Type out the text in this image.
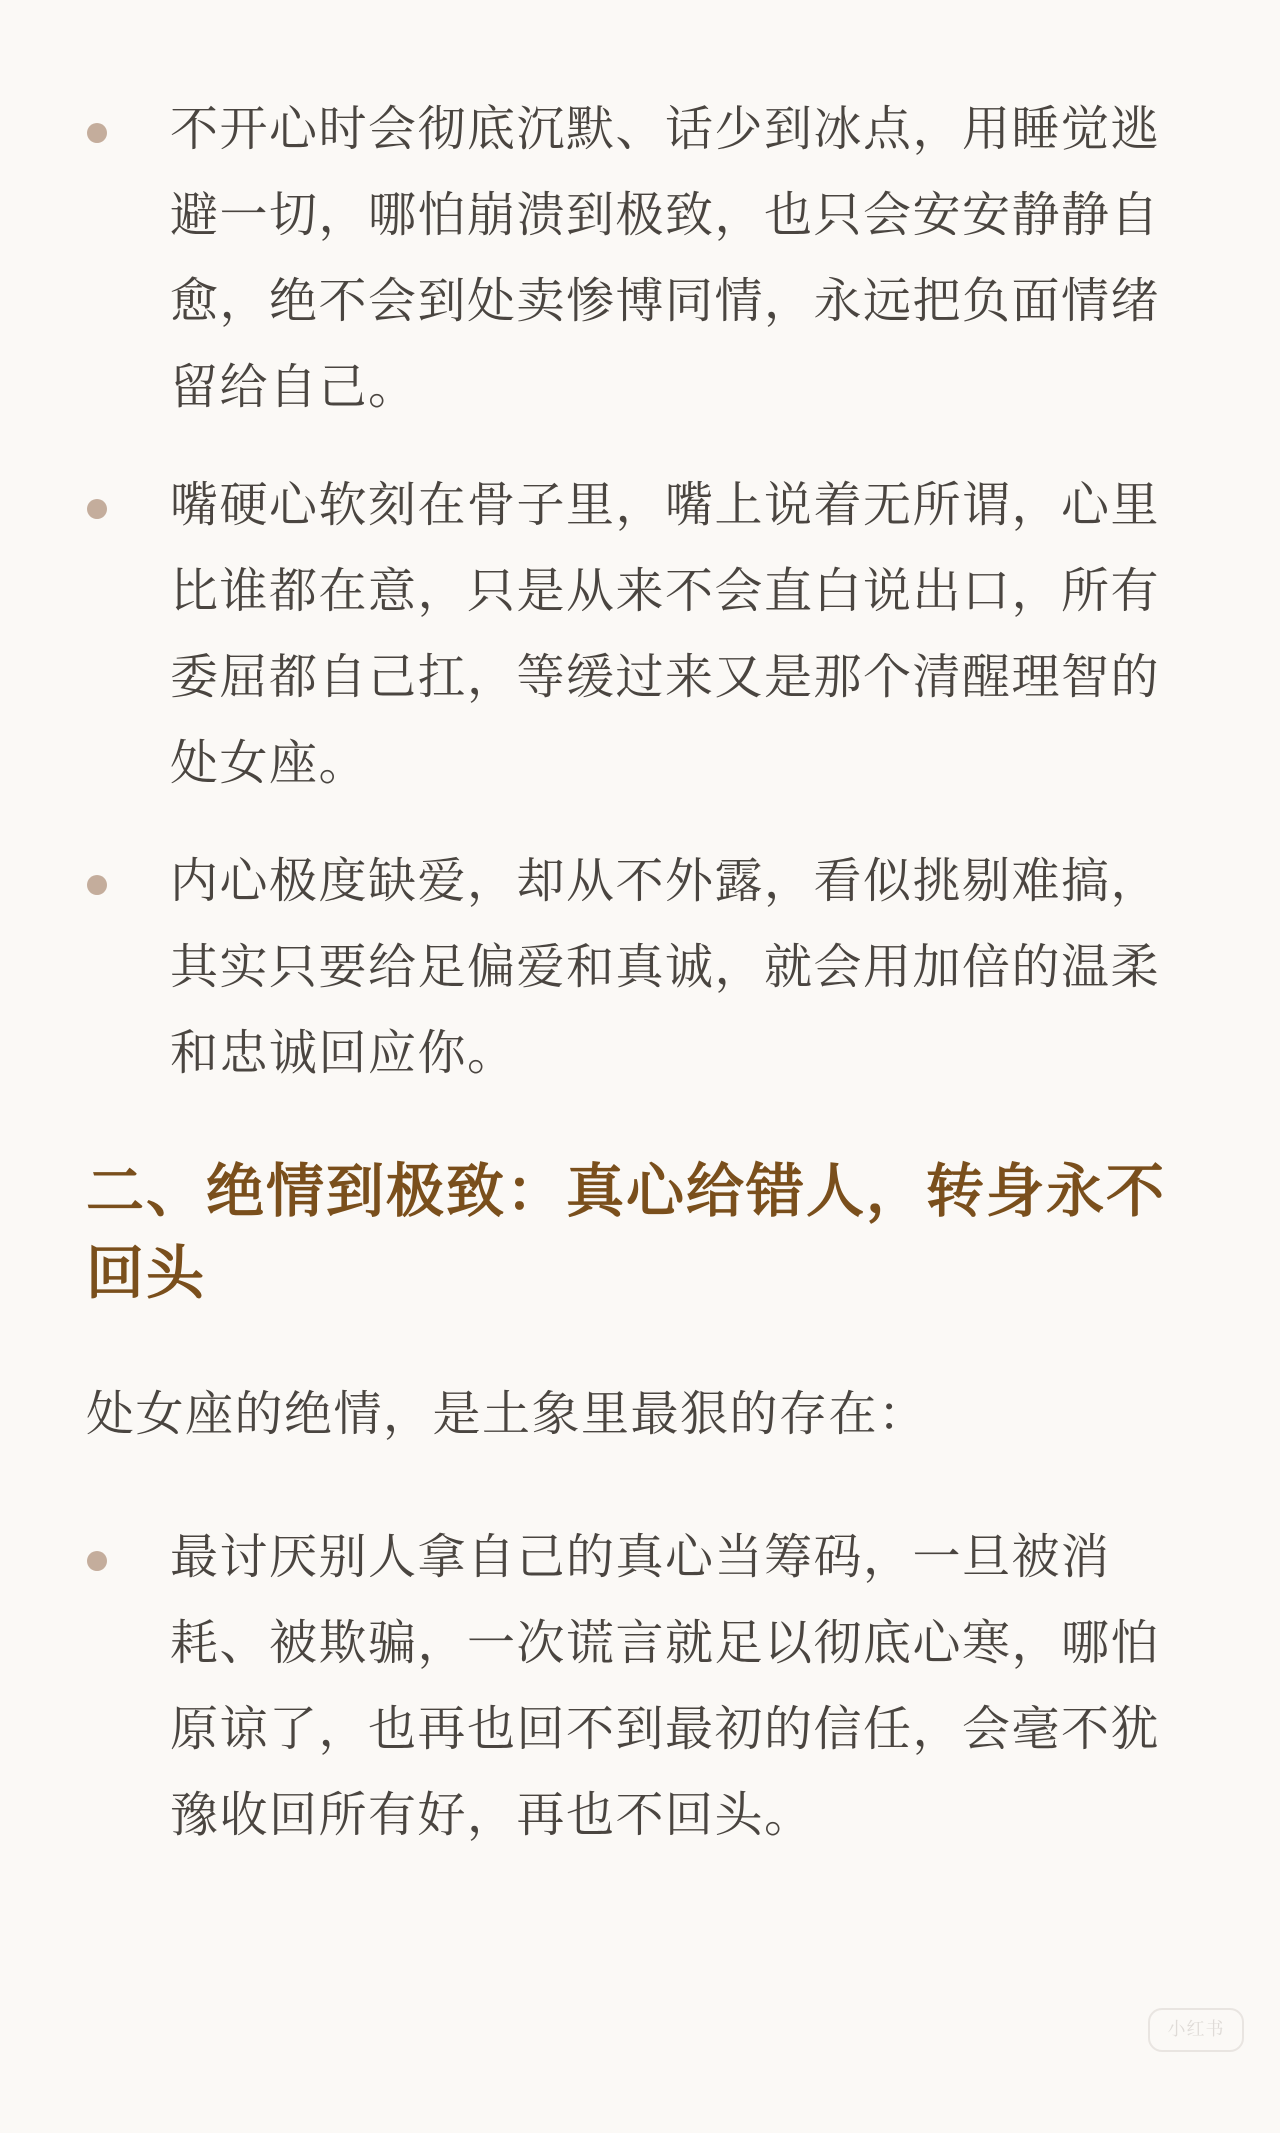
不开心时会彻底沉默、话少到冰点，用睡觉逃避一切，哪怕崩溃到极致，也只会安安静静自愈，绝不会到处卖惨博同情，永远把负面情绪留给自己。
嘴硬心软刻在骨子里，嘴上说着无所谓，心里比谁都在意，只是从来不会直白说出口，所有委屈都自己扛，等缓过来又是那个清醒理智的处女座。
内心极度缺爱，却从不外露，看似挑剔难搞，其实只要给足偏爱和真诚，就会用加倍的温柔和忠诚回应你。
二、绝情到极致：真心给错人，转身永不回头

处女座的绝情，是土象里最狠的存在：

最讨厌别人拿自己的真心当筹码，一旦被消耗、被欺骗，一次谎言就足以彻底心寒，哪怕原谅了，也再也回不到最初的信任，会毫不犹豫收回所有好，再也不回头。
小红书
